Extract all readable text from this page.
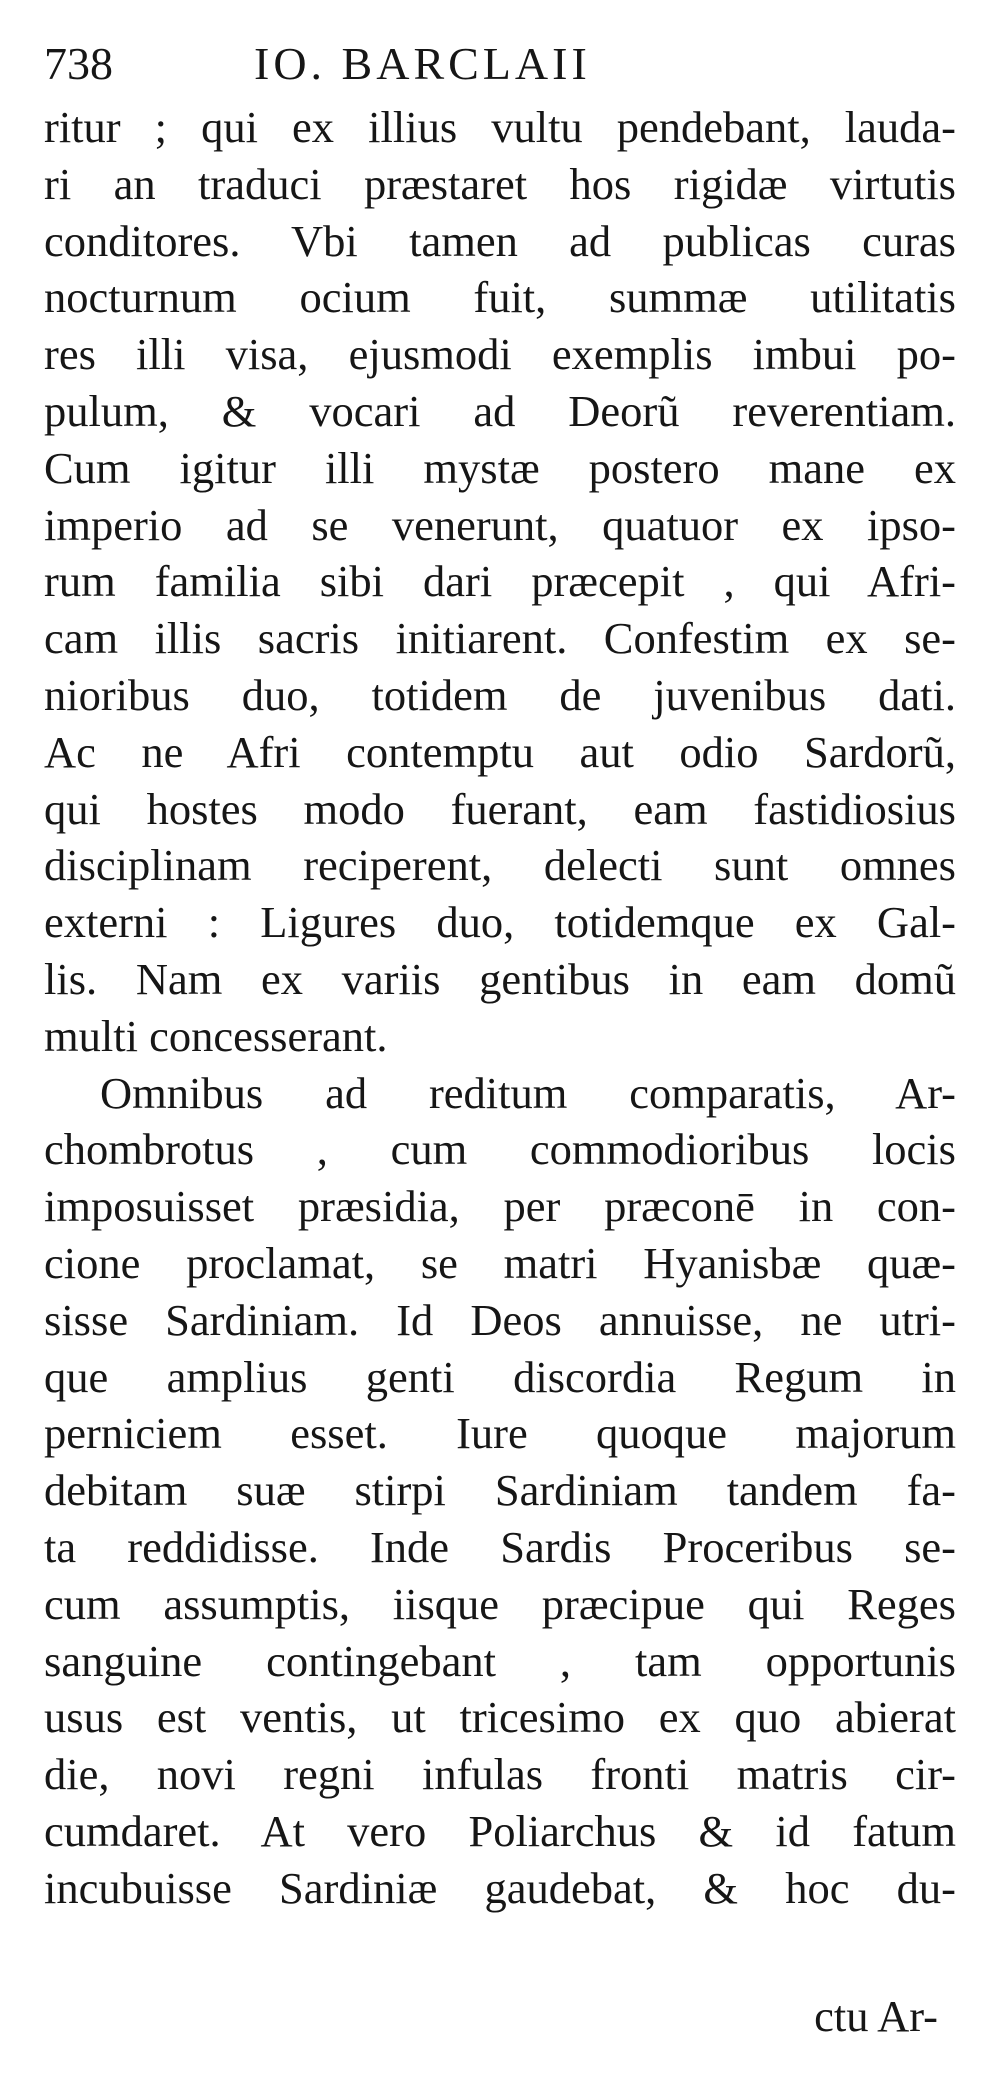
738	IO. BARCLAII
ritur ; qui ex illius vultu pendebant, lauda-
ri an traduci præstaret hos rigidæ virtutis
conditores. Vbi tamen ad publicas curas
nocturnum ocium fuit, summæ utilitatis
res illi visa, ejusmodi exemplis imbui po-
pulum, & vocari ad Deorũ reverentiam.
Cum igitur illi mystæ postero mane ex
imperio ad se venerunt, quatuor ex ipso-
rum familia sibi dari præcepit , qui Afri-
cam illis sacris initiarent. Confestim ex se-
nioribus duo, totidem de juvenibus dati.
Ac ne Afri contemptu aut odio Sardorũ,
qui hostes modo fuerant, eam fastidiosius
disciplinam reciperent, delecti sunt omnes
externi : Ligures duo, totidemque ex Gal-
lis. Nam ex variis gentibus in eam domũ
multi concesserant.
Omnibus ad reditum comparatis, Ar-
chombrotus , cum commodioribus locis
imposuisset præsidia, per præconē in con-
cione proclamat, se matri Hyanisbæ quæ-
sisse Sardiniam. Id Deos annuisse, ne utri-
que amplius genti discordia Regum in
perniciem esset. Iure quoque majorum
debitam suæ stirpi Sardiniam tandem fa-
ta reddidisse. Inde Sardis Proceribus se-
cum assumptis, iisque præcipue qui Reges
sanguine contingebant , tam opportunis
usus est ventis, ut tricesimo ex quo abierat
die, novi regni infulas fronti matris cir-
cumdaret. At vero Poliarchus & id fatum
incubuisse Sardiniæ gaudebat, & hoc du-
ctu Ar-
